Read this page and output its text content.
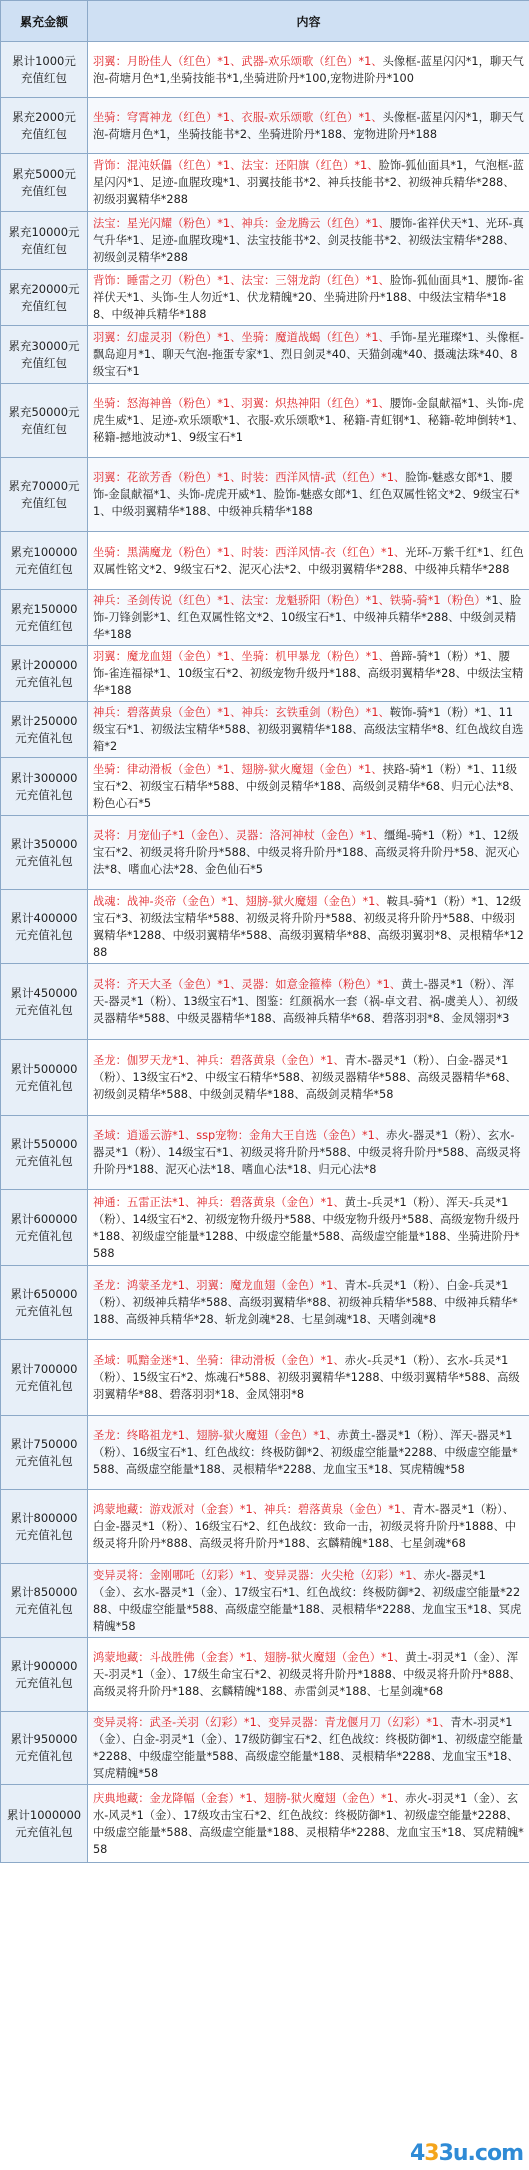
累充金额	内容

累计1000元
充值红包	羽翼：月盼佳人（红色）*1、武器-欢乐颂歌（红色）*1、头像框-蓝星闪闪*1，聊天气泡-荷塘月色*1,坐骑技能书*1,坐骑进阶丹*100,宠物进阶丹*100

累充2000元
充值红包	坐骑：穹霄神龙（红色）*1、衣服-欢乐颂歌（红色）*1、头像框-蓝星闪闪*1，聊天气泡-荷塘月色*1，坐骑技能书*2、坐骑进阶丹*188、宠物进阶丹*188

累充5000元
充值红包	背饰：混沌妖儡（红色）*1、法宝：还阳旗（红色）*1、脸饰-狐仙面具*1，气泡框-蓝星闪闪*1、足迹-血腥玫瑰*1、羽翼技能书*2、神兵技能书*2、初级神兵精华*288、初级羽翼精华*288

累充10000元
充值红包	法宝：星光闪耀（粉色）*1、神兵：金龙腾云（红色）*1、腰饰-雀祥伏天*1、光环-真气升华*1、足迹-血腥玫瑰*1、法宝技能书*2、剑灵技能书*2、初级法宝精华*288、初级剑灵精华*288

累充20000元
充值红包	背饰：睡雷之刃（粉色）*1、法宝：三翎龙韵（红色）*1、脸饰-狐仙面具*1、腰饰-雀祥伏天*1、头饰-生人勿近*1、伏龙精魄*20、坐骑进阶丹*188、中级法宝精华*188、中级神兵精华*188

累充30000元
充值红包	羽翼：幻虚灵羽（粉色）*1、坐骑：魔道战蝎（红色）*1、手饰-星光璀璨*1、头像框-飘岛迎月*1、聊天气泡-拖蛋专家*1、烈日剑灵*40、天猫剑魂*40、摄魂法珠*40、8级宝石*1

累充50000元
充值红包	坐骑：怒海神兽（粉色）*1、羽翼：炽热神阳（红色）*1、腰饰-金鼠献福*1、头饰-虎虎生威*1、足迹-欢乐颂歌*1、衣服-欢乐颂歌*1、秘籍-青虹钢*1、秘籍-乾坤倒转*1、秘籍-撼地波动*1、9级宝石*1

累充70000元
充值红包	羽翼：花欲芳香（粉色）*1、时装：西洋风情-武（红色）*1、脸饰-魅惑女郎*1、腰饰-金鼠献福*1、头饰-虎虎开威*1、脸饰-魅惑女郎*1、红色双属性铭文*2、9级宝石*1、中级羽翼精华*188、中级神兵精华*188

累充100000
元充值红包	坐骑：黑满魔龙（粉色）*1、时装：西洋风情-衣（红色）*1、光环-万紫千红*1、红色双属性铭文*2、9级宝石*2、泥灭心法*2、中级羽翼精华*288、中级神兵精华*288

累充150000
元充值红包	神兵：圣剑传说（红色）*1、法宝：龙魁骄阳（粉色）*1、铁骑-骑*1（粉色）*1、脸饰-刀锋剑影*1、红色双属性铭文*2、10级宝石*1、中级神兵精华*288、中级剑灵精华*188

累计200000
元充值礼包	羽翼：魔龙血翅（金色）*1、坐骑：机甲暴龙（粉色）*1、兽蹄-骑*1（粉）*1、腰饰-雀连福禄*1、10级宝石*2、初级宠物升级丹*188、高级羽翼精华*28、中级法宝精华*188

累计250000
元充值礼包	神兵：碧落黄泉（金色）*1、神兵：玄铁重剑（粉色）*1、鞍饰-骑*1（粉）*1、11级宝石*1、初级法宝精华*588、初级羽翼精华*188、高级法宝精华*8、红色战纹自选箱*2

累计300000
元充值礼包	坐骑：律动滑板（金色）*1、翅膀-狱火魔翅（金色）*1、挟路-骑*1（粉）*1、11级宝石*2、初级宝石精华*588、中级剑灵精华*188、高级剑灵精华*68、归元心法*8、粉色心石*5

累计350000
元充值礼包	灵将：月宠仙子*1（金色）、灵器：洛河神杖（金色）*1、缰绳-骑*1（粉）*1、12级宝石*2、初级灵将升阶丹*588、中级灵将升阶丹*188、高级灵将升阶丹*58、泥灭心法*8、嗜血心法*28、金色仙石*5

累计400000
元充值礼包	战魂：战神-炎帝（金色）*1、翅膀-狱火魔翅（金色）*1、鞍具-骑*1（粉）*1、12级宝石*3、初级法宝精华*588、初级灵将升阶丹*588、初级灵将升阶丹*588、中级羽翼精华*1288、中级羽翼精华*588、高级羽翼精华*88、高级羽翼羽*8、灵根精华*1288

累计450000
元充值礼包	灵将：齐天大圣（金色）*1、灵器：如意金箍棒（粉色）*1、黄土-器灵*1（粉）、浑天-器灵*1（粉）、13级宝石*1、图鉴：红颜祸水一套（祸-卓文君、祸-虞美人）、初级灵器精华*588、中级灵器精华*188、高级神兵精华*68、碧落羽羽*8、金凤翎羽*3

累计500000
元充值礼包	圣龙：伽罗天龙*1、神兵：碧落黄泉（金色）*1、青木-器灵*1（粉）、白金-器灵*1（粉）、13级宝石*2、中级宝石精华*588、初级灵器精华*588、高级灵器精华*68、初级剑灵精华*588、中级剑灵精华*188、高级剑灵精华*58

累计550000
元充值礼包	圣域：逍遥云游*1、ssp宠物：金角大王自选（金色）*1、赤火-器灵*1（粉）、玄水-器灵*1（粉）、14级宝石*1、初级灵将升阶丹*588、中级灵将升阶丹*588、高级灵将升阶丹*188、泥灭心法*18、嗜血心法*18、归元心法*8

累计600000
元充值礼包	神通：五雷正法*1、神兵：碧落黄泉（金色）*1、黄土-兵灵*1（粉）、浑天-兵灵*1（粉）、14级宝石*2、初级宠物升级丹*588、中级宠物升级丹*588、高级宠物升级丹*188、初级虚空能量*1288、中级虚空能量*588、高级虚空能量*188、坐骑进阶丹*588

累计650000
元充值礼包	圣龙：鸿蒙圣龙*1、羽翼：魔龙血翅（金色）*1、青木-兵灵*1（粉）、白金-兵灵*1（粉）、初级神兵精华*588、高级羽翼精华*88、初级神兵精华*588、中级神兵精华*188、高级神兵精华*28、斩龙剑魂*28、七星剑魂*18、天嗜剑魂*8

累计700000
元充值礼包	圣域：呱黯金迷*1、坐骑：律动滑板（金色）*1、赤火-兵灵*1（粉）、玄水-兵灵*1（粉）、15级宝石*2、炼魂石*588、初级羽翼精华*1288、中级羽翼精华*588、高级羽翼精华*88、碧落羽羽*18、金凤翎羽*8

累计750000
元充值礼包	圣龙：终略祖龙*1、翅膀-狱火魔翅（金色）*1、赤黄土-器灵*1（粉）、浑天-器灵*1（粉）、16级宝石*1、红色战纹：终极防御*2、初级虚空能量*2288、中级虚空能量*588、高级虚空能量*188、灵根精华*2288、龙血宝玉*18、冥虎精魄*58

累计800000
元充值礼包	鸿蒙地藏：游戏派对（金套）*1、神兵：碧落黄泉（金色）*1、青木-器灵*1（粉）、白金-器灵*1（粉）、16级宝石*2、红色战纹：致命一击，初级灵将升阶丹*1888、中级灵将升阶丹*888、高级灵将升阶丹*188、玄麟精魄*188、七星剑魂*68

累计850000
元充值礼包	变异灵将：金刚哪吒（幻彩）*1、变异灵器：火尖枪（幻彩）*1、赤火-器灵*1（金）、玄水-器灵*1（金）、17级宝石*1、红色战纹：终极防御*2、初级虚空能量*2288、中级虚空能量*588、高级虚空能量*188、灵根精华*2288、龙血宝玉*18、冥虎精魄*58

累计900000
元充值礼包	鸿蒙地藏：斗战胜佛（金套）*1、翅膀-狱火魔翅（金色）*1、黄土-羽灵*1（金）、浑天-羽灵*1（金）、17级生命宝石*2、初级灵将升阶丹*1888、中级灵将升阶丹*888、高级灵将升阶丹*188、玄麟精魄*188、赤雷剑灵*188、七星剑魂*68

累计950000
元充值礼包	变异灵将：武圣-关羽（幻彩）*1、变异灵器：青龙偃月刀（幻彩）*1、青木-羽灵*1（金）、白金-羽灵*1（金）、17级防御宝石*2、红色战纹：终极防御*1、初级虚空能量*2288、中级虚空能量*588、高级虚空能量*188、灵根精华*2288、龙血宝玉*18、冥虎精魄*58

累计1000000
元充值礼包	庆典地藏：金龙降幅（金套）*1、翅膀-狱火魔翅（金色）*1、赤火-羽灵*1（金）、玄水-风灵*1（金）、17级攻击宝石*2、红色战纹：终极防御*1、初级虚空能量*2288、中级虚空能量*588、高级虚空能量*188、灵根精华*2288、龙血宝玉*18、冥虎精魄*58
433u.com
